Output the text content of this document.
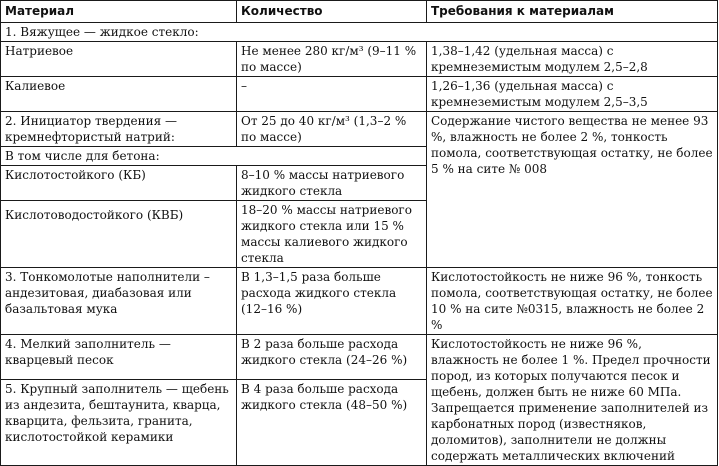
Материал	Количество	Требования к материалам
1. Вяжущее — жидкое стекло:		
Натриевое	Не менее 280 кг/м³ (9–11 % по массе)	1,38–1,42 (удельная масса) с кремнеземистым модулем 2,5–2,8
Калиевое	–	1,26–1,36 (удельная масса) с кремнеземистым модулем 2,5–3,5
2. Инициатор твердения — кремнефтористый натрий:	От 25 до 40 кг/м³ (1,3–2 % по массе)	Содержание чистого вещества не менее 93 %, влажность не более 2 %, тонкость помола, соответствующая остатку, не более 5 % на сите № 008
В том числе для бетона:		
Кислотостойкого (КБ)	8–10 % массы натриевого жидкого стекла	
Кислотоводостойкого (КВБ)	18–20 % массы натриевого жидкого стекла или 15 % массы калиевого жидкого стекла	
3. Тонкомолотые наполнители – андезитовая, диабазовая или базальтовая мука	В 1,3–1,5 раза больше расхода жидкого стекла (12–16 %)	Кислотостойкость не ниже 96 %, тонкость помола, соответствующая остатку, не более 10 % на сите №0315, влажность не более 2 %
4. Мелкий заполнитель — кварцевый песок	В 2 раза больше расхода жидкого стекла (24–26 %)	Кислотостойкость не ниже 96 %, влажность не более 1 %. Предел прочности пород, из которых получаются песок и щебень, должен быть не ниже 60 МПа. Запрещается применение заполнителей из карбонатных пород (известняков, доломитов), заполнители не должны содержать металлических включений
5. Крупный заполнитель — щебень из андезита, бештаунита, кварца, кварцита, фельзита, гранита, кислотостойкой керамики	В 4 раза больше расхода жидкого стекла (48–50 %)	
